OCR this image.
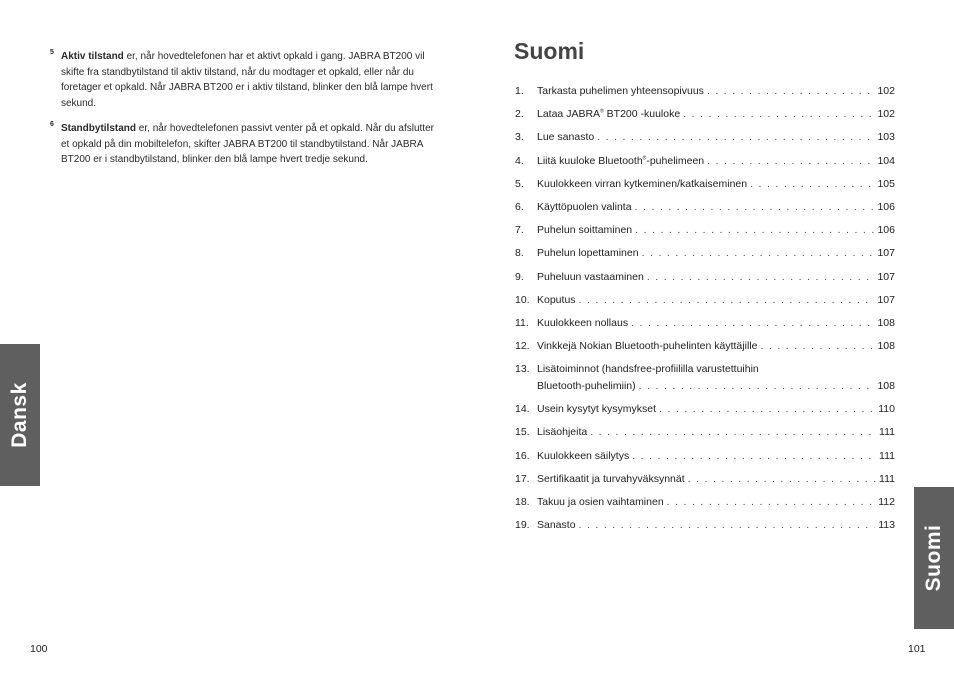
5 Aktiv tilstand er, når hovedtelefonen har et aktivt opkald i gang. JABRA BT200 vil skifte fra standbytilstand til aktiv tilstand, når du modtager et opkald, eller når du foretager et opkald. Når JABRA BT200 er i aktiv tilstand, blinker den blå lampe hvert sekund.
6 Standbytilstand er, når hovedtelefonen passivt venter på et opkald. Når du afslutter et opkald på din mobiltelefon, skifter JABRA BT200 til standbytilstand. Når JABRA BT200 er i standbytilstand, blinker den blå lampe hvert tredje sekund.
Dansk
100
Suomi
1. Tarkasta puhelimen yhteensopivuus . . .	102
2. Lataa JABRA® BT200 -kuuloke . . .	102
3. Lue sanasto . . .	103
4. Liitä kuuloke Bluetooth®-puhelimeen . . .	104
5. Kuulokkeen virran kytkeminen/katkaiseminen . . .	105
6. Käyttöpuolen valinta . . .	106
7. Puhelun soittaminen . . .	106
8. Puhelun lopettaminen . . .	107
9. Puheluun vastaaminen . . .	107
10. Koputus . . .	107
11. Kuulokkeen nollaus . . .	108
12. Vinkkejä Nokian Bluetooth-puhelinten käyttäjille . . .	108
13. Lisätoiminnot (handsfree-profiililla varustettuihin
Bluetooth-puhelimiin) . . .	108
14. Usein kysytyt kysymykset . . .	110
15. Lisäohjeita . . .	111
16. Kuulokkeen säilytys . . .	111
17. Sertifikaatit ja turvahyväksynnät . . .	111
18. Takuu ja osien vaihtaminen . . .	112
19. Sanasto . . .	113 Suomi
101
